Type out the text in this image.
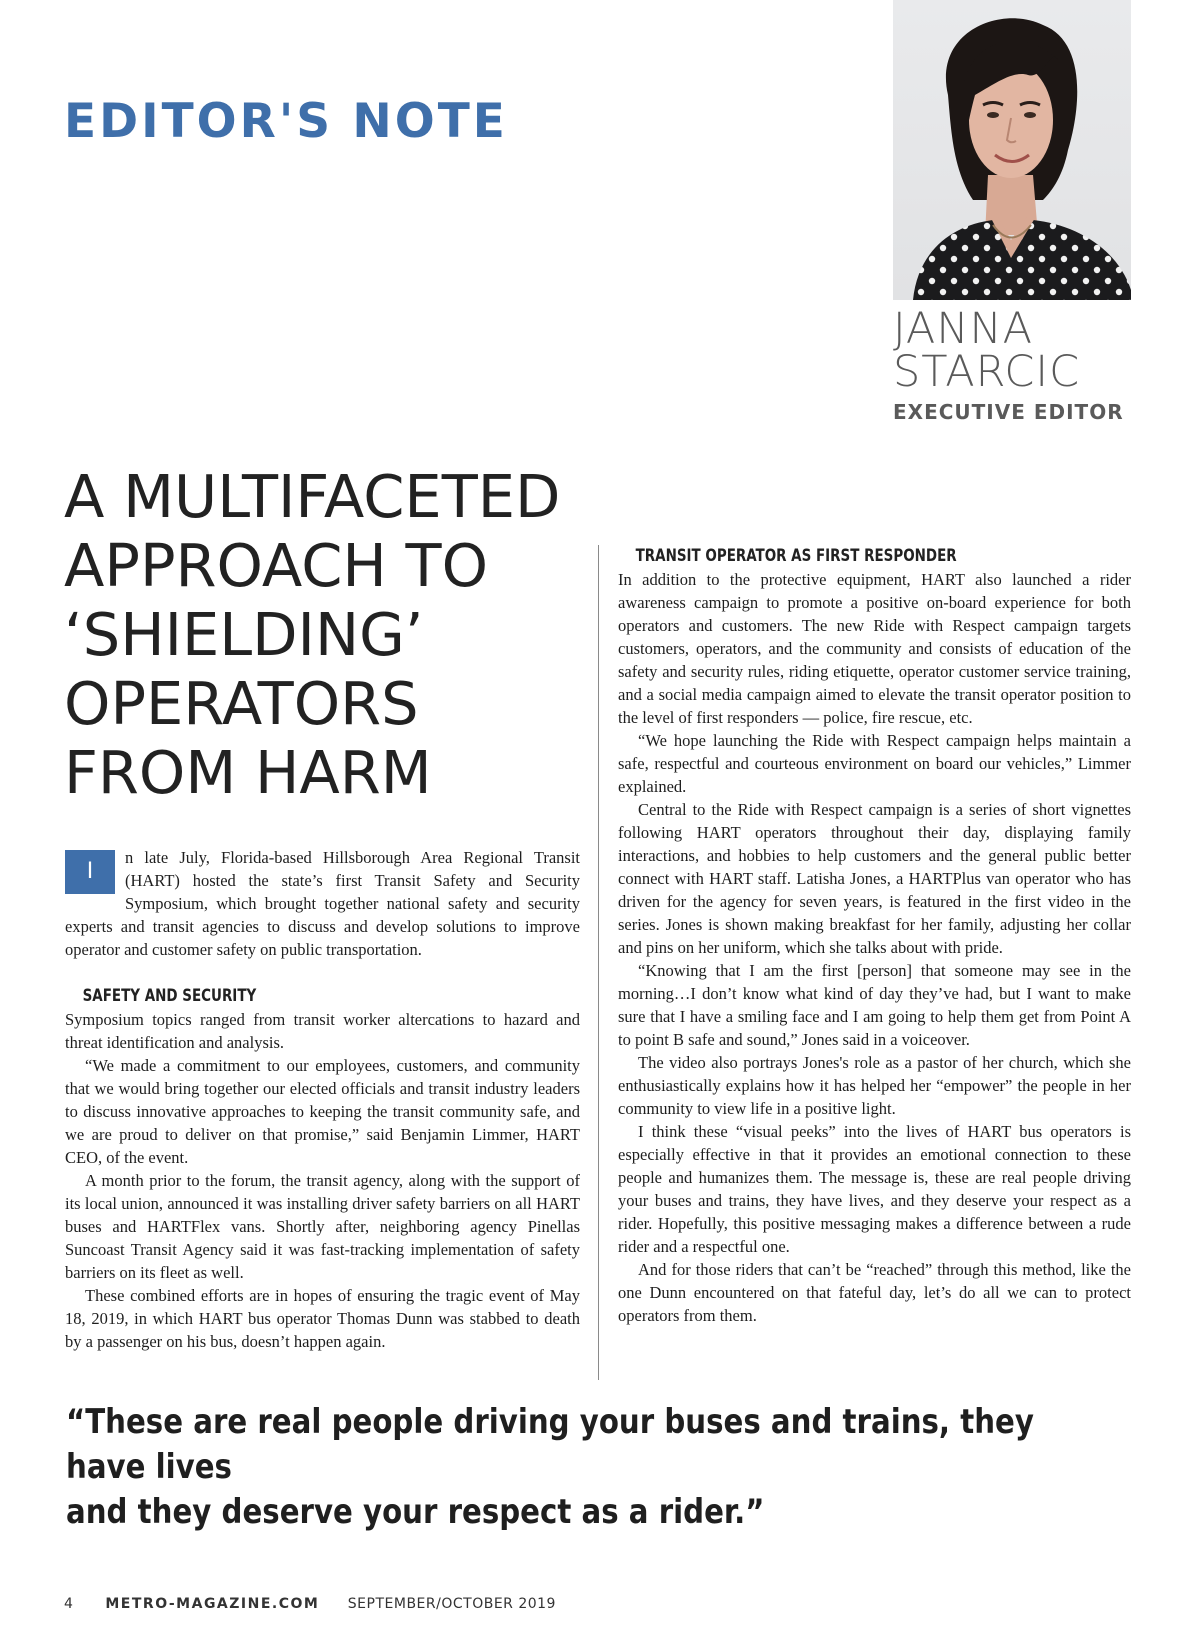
EDITOR'S NOTE
JANNA
STARCIC
EXECUTIVE EDITOR
A MULTIFACETED
APPROACH TO
‘SHIELDING’
OPERATORS
FROM HARM

I
n late July, Florida-based Hillsborough Area Regional Transit (HART) hosted the state’s first Transit Safety and Security Symposium, which brought together national safety and security experts and transit agencies to discuss and develop solutions to improve operator and customer safety on public transportation.

SAFETY AND SECURITY

Symposium topics ranged from transit worker altercations to hazard and threat identification and analysis.

“We made a commitment to our employees, customers, and community that we would bring together our elected officials and transit industry leaders to discuss innovative approaches to keeping the transit community safe, and we are proud to deliver on that promise,” said Benjamin Limmer, HART CEO, of the event.

A month prior to the forum, the transit agency, along with the support of its local union, announced it was installing driver safety barriers on all HART buses and HARTFlex vans. Shortly after, neighboring agency Pinellas Suncoast Transit Agency said it was fast-tracking implementation of safety barriers on its fleet as well.

These combined efforts are in hopes of ensuring the tragic event of May 18, 2019, in which HART bus operator Thomas Dunn was stabbed to death by a passenger on his bus, doesn’t happen again.

TRANSIT OPERATOR AS FIRST RESPONDER

In addition to the protective equipment, HART also launched a rider awareness campaign to promote a positive on-board experience for both operators and customers. The new Ride with Respect campaign targets customers, operators, and the community and consists of education of the safety and security rules, riding etiquette, operator customer service training, and a social media campaign aimed to elevate the transit operator position to the level of first responders — police, fire rescue, etc.

“We hope launching the Ride with Respect campaign helps maintain a safe, respectful and courteous environment on board our vehicles,” Limmer explained.

Central to the Ride with Respect campaign is a series of short vignettes following HART operators throughout their day, displaying family interactions, and hobbies to help customers and the general public better connect with HART staff. Latisha Jones, a HARTPlus van operator who has driven for the agency for seven years, is featured in the first video in the series. Jones is shown making breakfast for her family, adjusting her collar and pins on her uniform, which she talks about with pride.

“Knowing that I am the first [person] that someone may see in the morning…I don’t know what kind of day they’ve had, but I want to make sure that I have a smiling face and I am going to help them get from Point A to point B safe and sound,” Jones said in a voiceover.

The video also portrays Jones's role as a pastor of her church, which she enthusiastically explains how it has helped her “empower” the people in her community to view life in a positive light.

I think these “visual peeks” into the lives of HART bus operators is especially effective in that it provides an emotional connection to these people and humanizes them. The message is, these are real people driving your buses and trains, they have lives, and they deserve your respect as a rider. Hopefully, this positive messaging makes a difference between a rude rider and a respectful one.

And for those riders that can’t be “reached” through this method, like the one Dunn encountered on that fateful day, let’s do all we can to protect operators from them.

“These are real people driving your buses and trains, they have lives
and they deserve your respect as a rider.”
4 METRO-MAGAZINE.COM SEPTEMBER/OCTOBER 2019
